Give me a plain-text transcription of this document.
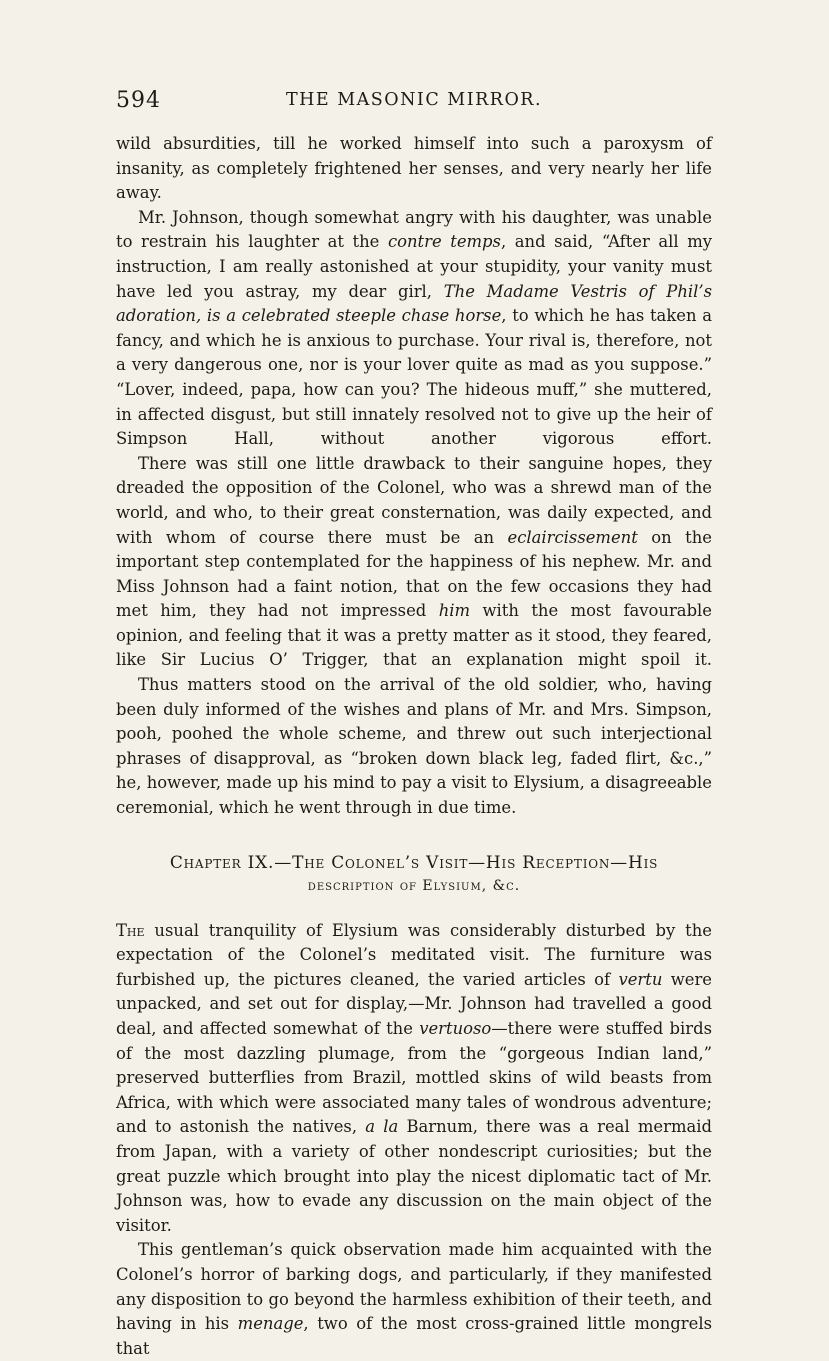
594	THE MASONIC MIRROR.

wild absurdities, till he worked himself into such a paroxysm of insanity, as completely frightened her senses, and very nearly her life away.

Mr. Johnson, though somewhat angry with his daughter, was unable to restrain his laughter at the contre temps, and said, “After all my instruction, I am really astonished at your stupidity, your vanity must have led you astray, my dear girl, The Madame Vestris of Phil’s adoration, is a celebrated steeple chase horse, to which he has taken a fancy, and which he is anxious to purchase. Your rival is, therefore, not a very dangerous one, nor is your lover quite as mad as you suppose.” “Lover, indeed, papa, how can you? The hideous muff,” she muttered, in affected disgust, but still innately resolved not to give up the heir of Simpson Hall, without another vigorous effort.

There was still one little drawback to their sanguine hopes, they dreaded the opposition of the Colonel, who was a shrewd man of the world, and who, to their great consternation, was daily expected, and with whom of course there must be an eclaircissement on the important step contemplated for the happiness of his nephew. Mr. and Miss Johnson had a faint notion, that on the few occasions they had met him, they had not impressed him with the most favourable opinion, and feeling that it was a pretty matter as it stood, they feared, like Sir Lucius O’ Trigger, that an explanation might spoil it.

Thus matters stood on the arrival of the old soldier, who, having been duly informed of the wishes and plans of Mr. and Mrs. Simpson, pooh, poohed the whole scheme, and threw out such interjectional phrases of disapproval, as “broken down black leg, faded flirt, &c.,” he, however, made up his mind to pay a visit to Elysium, a disagreeable ceremonial, which he went through in due time.

Chapter IX.—The Colonel’s Visit—His Reception—His
description of Elysium, &c.

The usual tranquility of Elysium was considerably disturbed by the expectation of the Colonel’s meditated visit. The furniture was furbished up, the pictures cleaned, the varied articles of vertu were unpacked, and set out for display,—Mr. Johnson had travelled a good deal, and affected somewhat of the vertuoso—there were stuffed birds of the most dazzling plumage, from the “gorgeous Indian land,” preserved butterflies from Brazil, mottled skins of wild beasts from Africa, with which were associated many tales of wondrous adventure; and to astonish the natives, a la Barnum, there was a real mermaid from Japan, with a variety of other nondescript curiosities; but the great puzzle which brought into play the nicest diplomatic tact of Mr. Johnson was, how to evade any discussion on the main object of the visitor.

This gentleman’s quick observation made him acquainted with the Colonel’s horror of barking dogs, and particularly, if they manifested any disposition to go beyond the harmless exhibition of their teeth, and having in his menage, two of the most cross-grained little mongrels that
